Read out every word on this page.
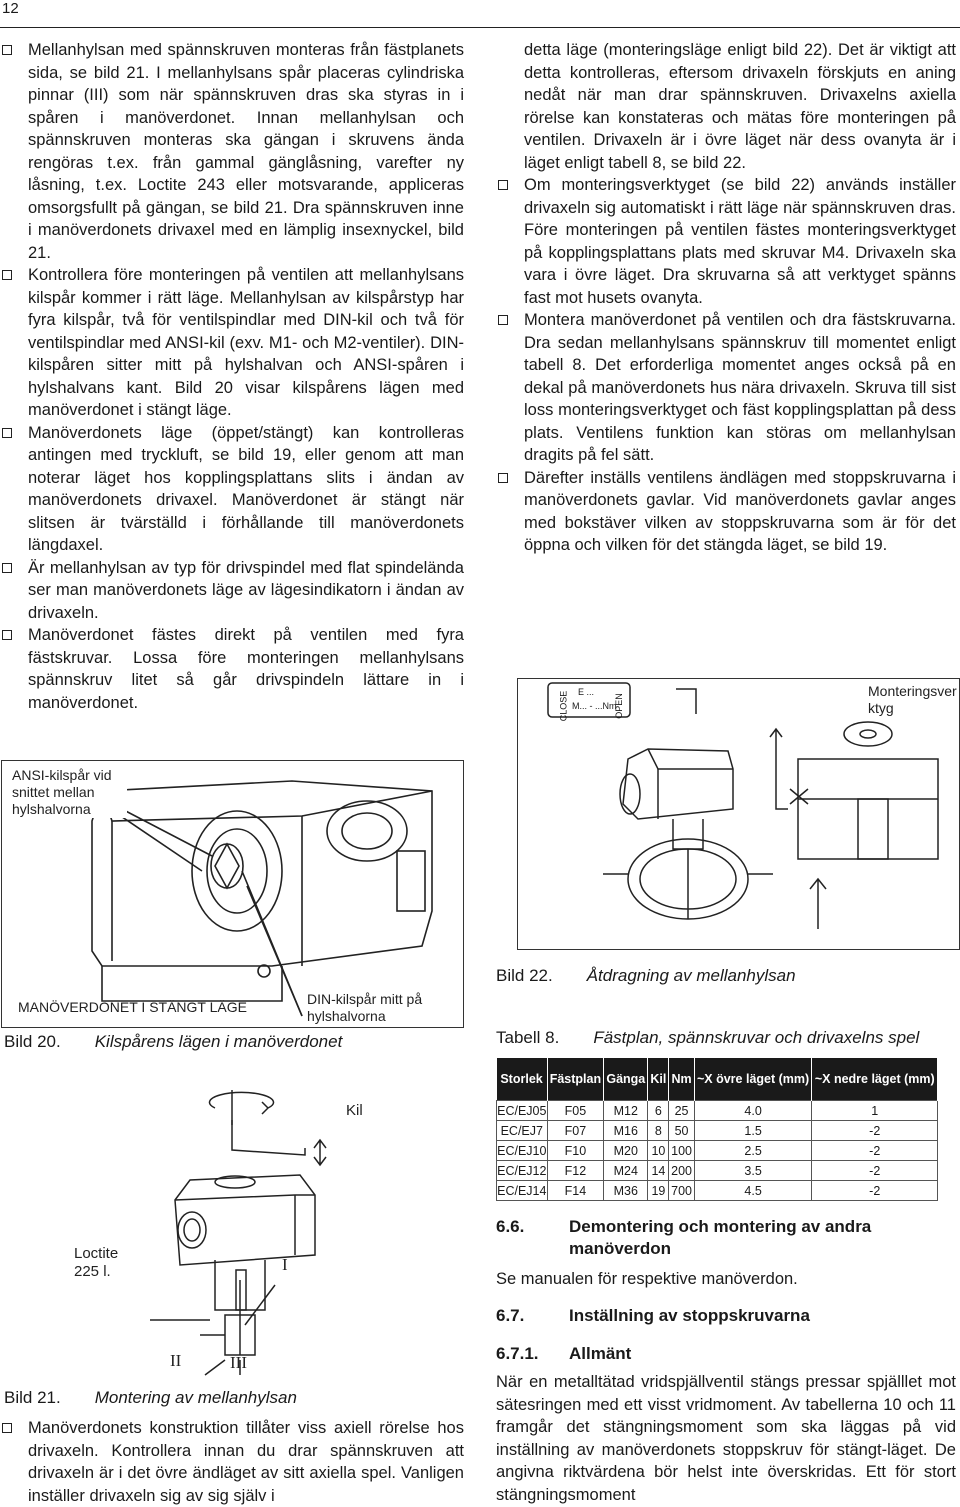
12

Mellanhylsan med spännskruven monteras från fästplanets sida, se bild 21. I mellanhylsans spår placeras cylindriska pinnar (III) som när spännskruven dras ska styras in i spåren i manöverdonet. Innan mellanhylsan och spännskruven monteras ska gängan i skruvens ända rengöras t.ex. från gammal gänglåsning, varefter ny låsning, t.ex. Loctite 243 eller motsvarande, appliceras omsorgsfullt på gängan, se bild 21. Dra spännskruven inne i manöverdonets drivaxel med en lämplig insexnyckel, bild 21.

Kontrollera före monteringen på ventilen att mellanhylsans kilspår kommer i rätt läge. Mellanhylsan av kilspårstyp har fyra kilspår, två för ventilspindlar med DIN-kil och två för ventilspindlar med ANSI-kil (exv. M1- och M2-ventiler). DIN-kilspåren sitter mitt på hylshalvan och ANSI-spåren i hylshalvans kant. Bild 20 visar kilspårens lägen med manöverdonet i stängt läge.

Manöverdonets läge (öppet/stängt) kan kontrolleras antingen med tryckluft, se bild 19, eller genom att man noterar läget hos kopplingsplattans slits i ändan av manöverdonets drivaxel. Manöverdonet är stängt när slitsen är tvärställd i förhållande till manöverdonets längdaxel.

Är mellanhylsan av typ för drivspindel med flat spindelända ser man manöverdonets läge av lägesindikatorn i ändan av drivaxeln.

Manöverdonet fästes direkt på ventilen med fyra fästskruvar. Lossa före monteringen mellanhylsans spännskruv litet så går drivspindeln lättare in i manöverdonet.

detta läge (monteringsläge enligt bild 22). Det är viktigt att detta kontrolleras, eftersom drivaxeln förskjuts en aning nedåt när man drar spännskruven. Drivaxelns axiella rörelse kan konstateras och mätas före monteringen på ventilen. Drivaxeln är i övre läget när dess ovanyta är i läget enligt tabell 8, se bild 22.

Om monteringsverktyget (se bild 22) används inställer drivaxeln sig automatiskt i rätt läge när spännskruven dras. Före monteringen på ventilen fästes monteringsverktyget på kopplingsplattans plats med skruvar M4. Drivaxeln ska vara i övre läget. Dra skruvarna så att verktyget spänns fast mot husets ovanyta.

Montera manöverdonet på ventilen och dra fästskruvarna. Dra sedan mellanhylsans spännskruv till momentet enligt tabell 8. Det erforderliga momentet anges också på en dekal på manöverdonets hus nära drivaxeln. Skruva till sist loss monteringsverktyget och fäst kopplingsplattan på dess plats. Ventilens funktion kan störas om mellanhylsan dragits på fel sätt.

Därefter inställs ventilens ändlägen med stoppskruvarna i manöverdonets gavlar. Vid manöverdonets gavlar anges med bokstäver vilken av stoppskruvarna som är för det öppna och vilken för det stängda läget, se bild 19.

ANSI-kilspår vid snittet mellan hylshalvorna
MANÖVERDONET I STÄNGT LÄGE	DIN-kilspår mitt på hylshalvorna
Bild 20. Kilspårens lägen i manöverdonet
Kil
Loctite 225 l.	I
II	III
Bild 21. Montering av mellanhylsan

Manöverdonets konstruktion tillåter viss axiell rörelse hos drivaxeln. Kontrollera innan du drar spännskruven att drivaxeln är i det övre ändläget av sitt axiella spel. Vanligen inställer drivaxeln sig av sig själv i

CLOSE E ...
M... - ...Nm
OPEN
Monteringsverktyg
Bild 22. Åtdragning av mellanhylsan
Tabell 8. Fästplan, spännskruvar och drivaxelns spel
Storlek	Fästplan	Gänga	Kil	Nm	~X övre läget (mm)	~X nedre läget (mm)
EC/EJ05	F05	M12	6	25	4.0	1
EC/EJ7	F07	M16	8	50	1.5	-2
EC/EJ10	F10	M20	10	100	2.5	-2
EC/EJ12	F12	M24	14	200	3.5	-2
EC/EJ14	F14	M36	19	700	4.5	-2
6.6.	Demontering och montering av andra manöverdon
Se manualen för respektive manöverdon.
6.7.	Inställning av stoppskruvarna
6.7.1. Allmänt
När en metalltätad vridspjällventil stängs pressar spjälllet mot sätesringen med ett visst vridmoment. Av tabellerna 10 och 11 framgår det stängningsmoment som ska läggas på vid inställning av manöverdonets stoppskruv för stängt-läget. De angivna riktvärdena bör helst inte överskridas. Ett för stort stängningsmoment
